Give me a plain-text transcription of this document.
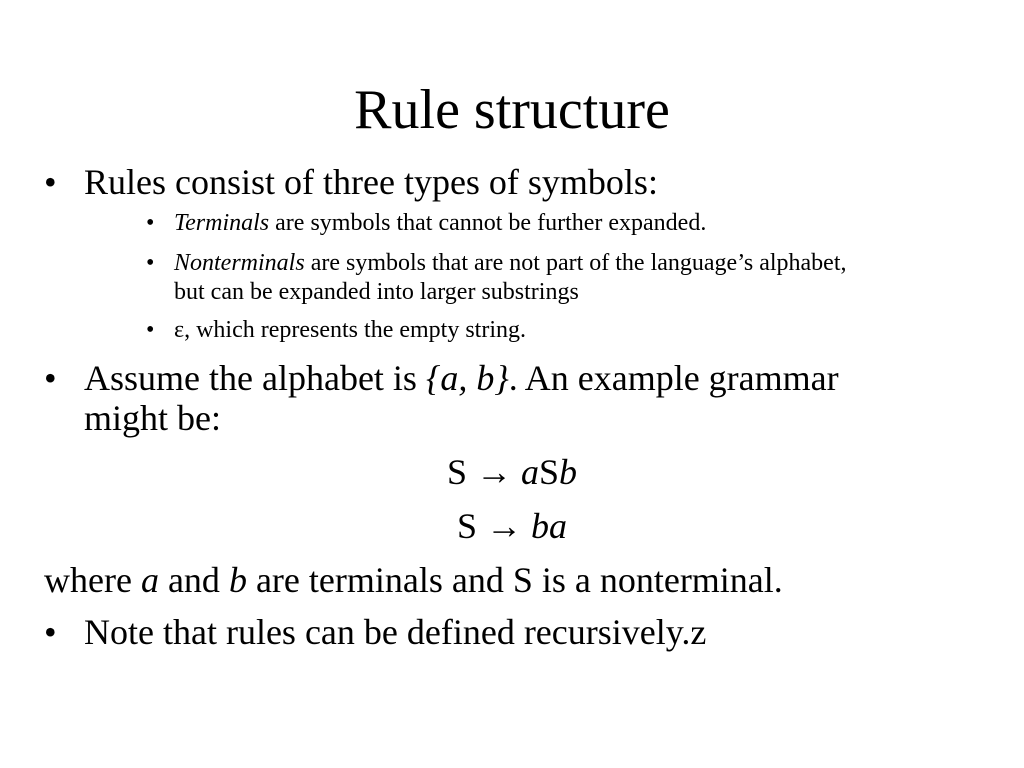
Rule structure
• Rules consist of three types of symbols:
• Terminals are symbols that cannot be further expanded.
• Nonterminals are symbols that are not part of the language’s alphabet,
but can be expanded into larger substrings
• ε, which represents the empty string.
• Assume the alphabet is {a, b}. An example grammar
might be:
S → aSb
S → ba
where a and b are terminals and S is a nonterminal.
• Note that rules can be defined recursively.z
